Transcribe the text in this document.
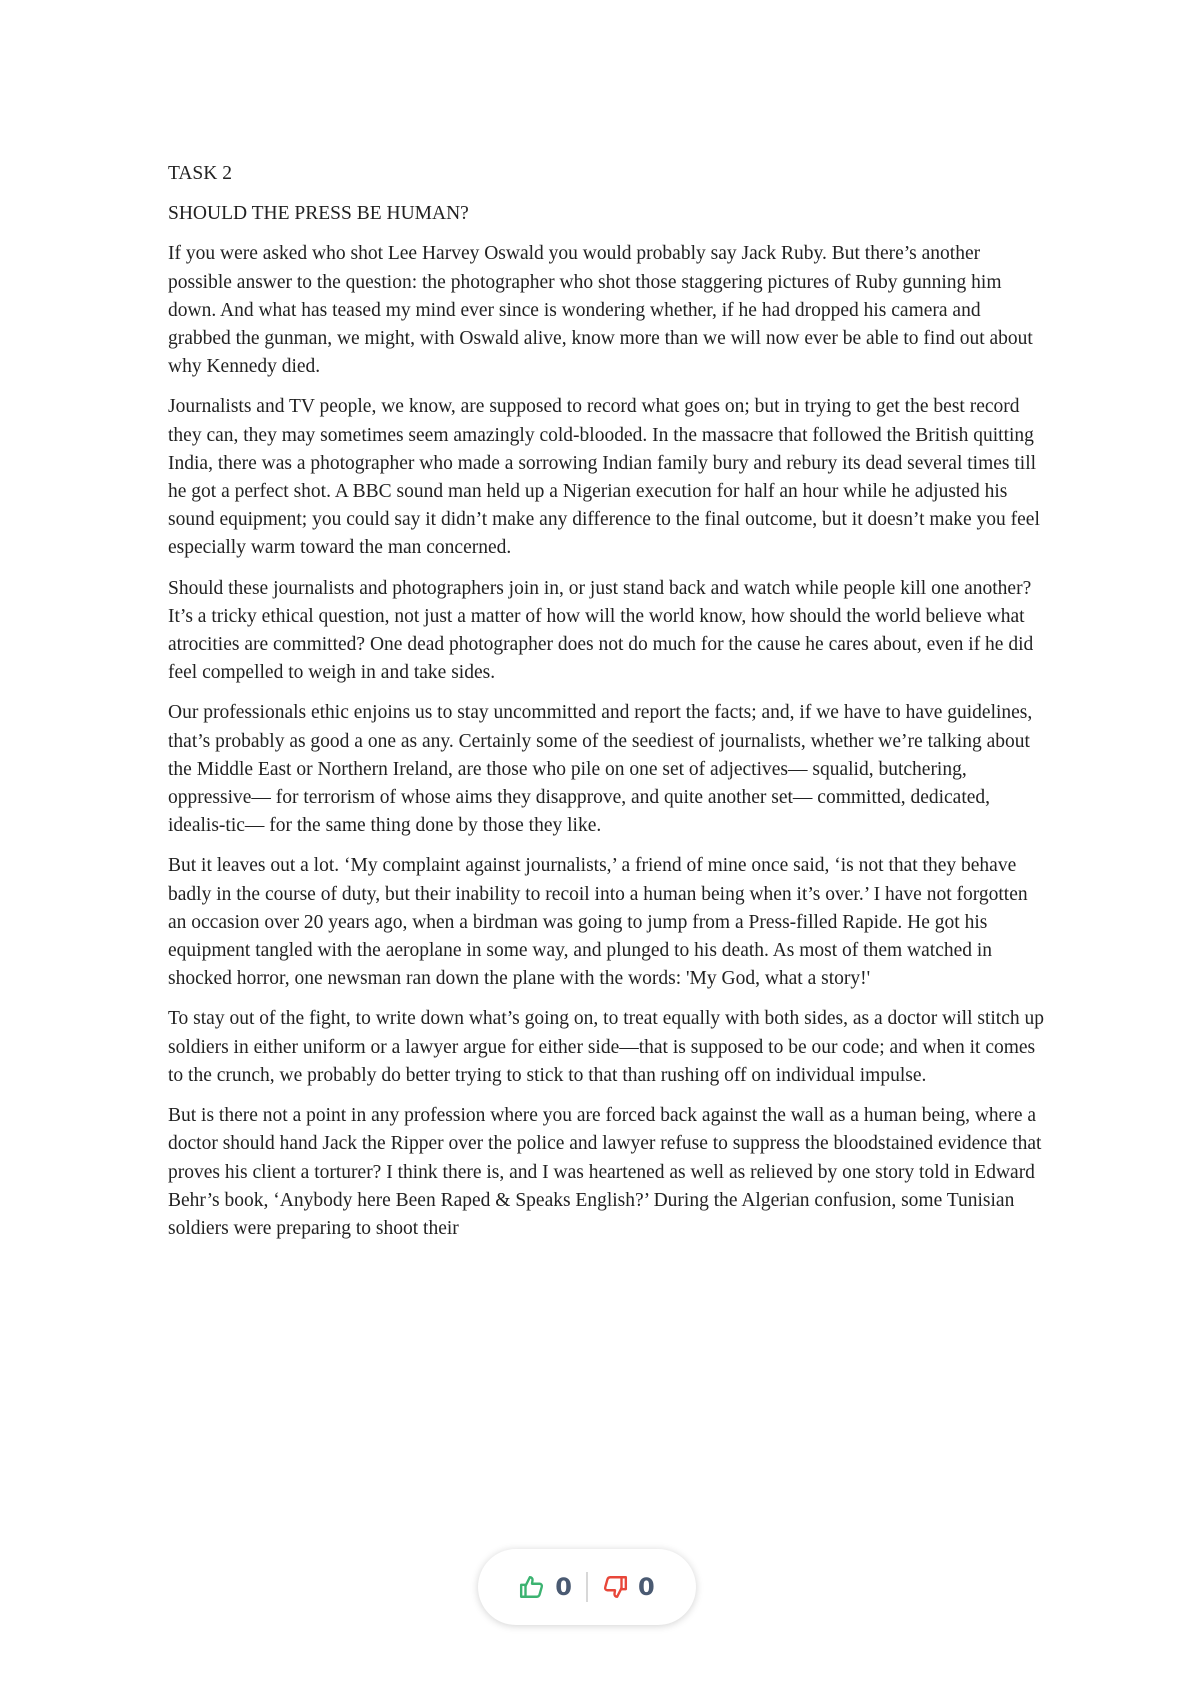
TASK 2

SHOULD THE PRESS BE HUMAN?

If you were asked who shot Lee Harvey Oswald you would probably say Jack Ruby. But there’s another possible answer to the question: the photographer who shot those staggering pictures of Ruby gunning him down. And what has teased my mind ever since is wondering whether, if he had dropped his camera and grabbed the gunman, we might, with Oswald alive, know more than we will now ever be able to find out about why Kennedy died.

Journalists and TV people, we know, are supposed to record what goes on; but in trying to get the best record they can, they may sometimes seem amazingly cold-blooded. In the massacre that followed the British quitting India, there was a photographer who made a sorrowing Indian family bury and rebury its dead several times till he got a perfect shot. A BBC sound man held up a Nigerian execution for half an hour while he adjusted his sound equipment; you could say it didn’t make any difference to the final outcome, but it doesn’t make you feel especially warm toward the man concerned.

Should these journalists and photographers join in, or just stand back and watch while people kill one another? It’s a tricky ethical question, not just a matter of how will the world know, how should the world believe what atrocities are committed? One dead photographer does not do much for the cause he cares about, even if he did feel compelled to weigh in and take sides.

Our professionals ethic enjoins us to stay uncommitted and report the facts; and, if we have to have guidelines, that’s probably as good a one as any. Certainly some of the seediest of journalists, whether we’re talking about the Middle East or Northern Ireland, are those who pile on one set of adjectives— squalid, butchering, oppressive— for terrorism of whose aims they disapprove, and quite another set— committed, dedicated, idealis-tic— for the same thing done by those they like.

But it leaves out a lot. ‘My complaint against journalists,’ a friend of mine once said, ‘is not that they behave badly in the course of duty, but their inability to recoil into a human being when it’s over.’ I have not forgotten an occasion over 20 years ago, when a birdman was going to jump from a Press-filled Rapide. He got his equipment tangled with the aeroplane in some way, and plunged to his death. As most of them watched in shocked horror, one newsman ran down the plane with the words: 'My God, what a story!'

To stay out of the fight, to write down what’s going on, to treat equally with both sides, as a doctor will stitch up soldiers in either uniform or a lawyer argue for either side—that is supposed to be our code; and when it comes to the crunch, we probably do better trying to stick to that than rushing off on individual impulse.

But is there not a point in any profession where you are forced back against the wall as a human being, where a doctor should hand Jack the Ripper over the police and lawyer refuse to suppress the bloodstained evidence that proves his client a torturer? I think there is, and I was heartened as well as relieved by one story told in Edward Behr’s book, ‘Anybody here Been Raped & Speaks English?’ During the Algerian confusion, some Tunisian soldiers were preparing to shoot their

0	0
